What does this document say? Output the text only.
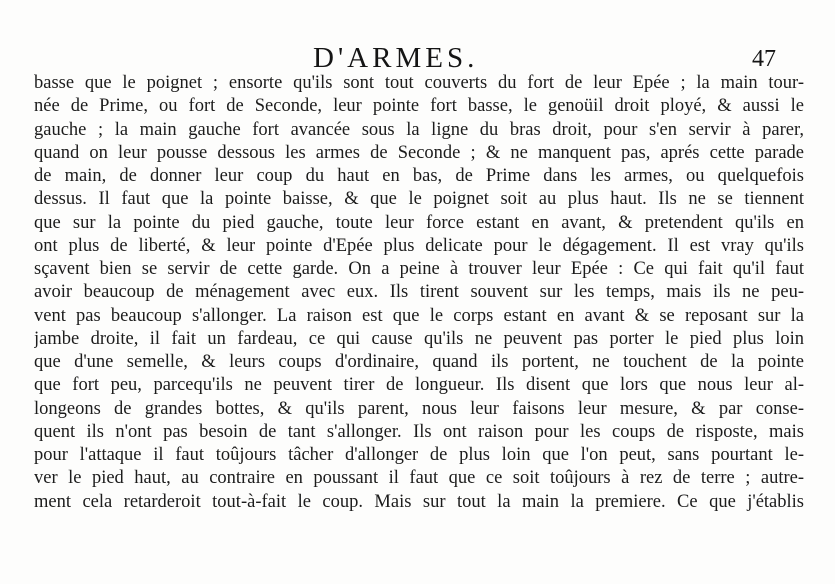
D'ARMES.	47
basse que le poignet ; ensorte qu'ils sont tout couverts du fort de leur Epée ; la main tour-
née de Prime, ou fort de Seconde, leur pointe fort basse, le genoüil droit ployé, & aussi le
gauche ; la main gauche fort avancée sous la ligne du bras droit, pour s'en servir à parer,
quand on leur pousse dessous les armes de Seconde ; & ne manquent pas, aprés cette parade
de main, de donner leur coup du haut en bas, de Prime dans les armes, ou quelquefois
dessus. Il faut que la pointe baisse, & que le poignet soit au plus haut. Ils ne se tiennent
que sur la pointe du pied gauche, toute leur force estant en avant, & pretendent qu'ils en
ont plus de liberté, & leur pointe d'Epée plus delicate pour le dégagement. Il est vray qu'ils
sçavent bien se servir de cette garde. On a peine à trouver leur Epée : Ce qui fait qu'il faut
avoir beaucoup de ménagement avec eux. Ils tirent souvent sur les temps, mais ils ne peu-
vent pas beaucoup s'allonger. La raison est que le corps estant en avant & se reposant sur la
jambe droite, il fait un fardeau, ce qui cause qu'ils ne peuvent pas porter le pied plus loin
que d'une semelle, & leurs coups d'ordinaire, quand ils portent, ne touchent de la pointe
que fort peu, parcequ'ils ne peuvent tirer de longueur. Ils disent que lors que nous leur al-
longeons de grandes bottes, & qu'ils parent, nous leur faisons leur mesure, & par conse-
quent ils n'ont pas besoin de tant s'allonger. Ils ont raison pour les coups de rispostе, mais
pour l'attaque il faut toûjours tâcher d'allonger de plus loin que l'on peut, sans pourtant le-
ver le pied haut, au contraire en poussant il faut que ce soit toûjours à rez de terre ; autre-
ment cela retarderoit tout-à-fait le coup. Mais sur tout la main la premiere. Ce que j'établis
